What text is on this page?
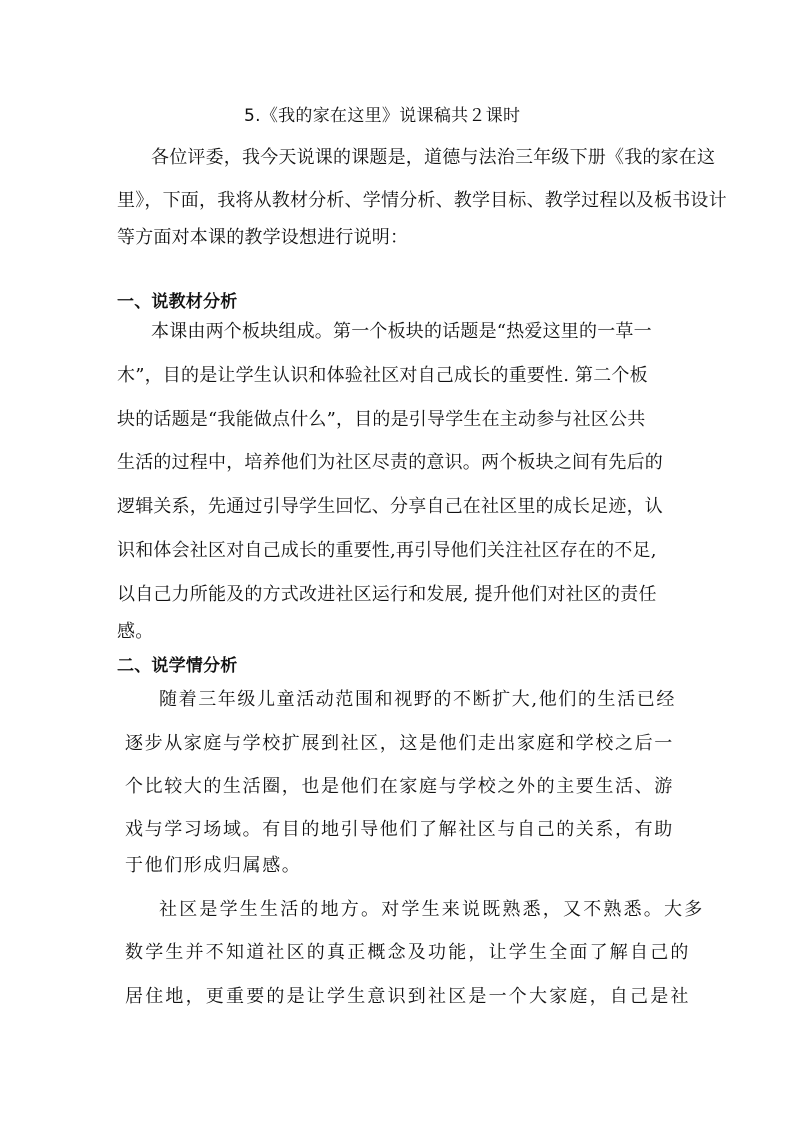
5.《我的家在这里》说课稿共２课时
各位评委，我今天说课的课题是，道德与法治三年级下册《我的家在这
里》，下面，我将从教材分析、学情分析、教学目标、教学过程以及板书设计
等方面对本课的教学设想进行说明：
一、说教材分析
本课由两个板块组成。第一个板块的话题是“热爱这里的一草一
木”，目的是让学生认识和体验社区对自己成长的重要性. 第二个板
块的话题是“我能做点什么”，目的是引导学生在主动参与社区公共
生活的过程中，培养他们为社区尽责的意识。两个板块之间有先后的
逻辑关系，先通过引导学生回忆、分享自己在社区里的成长足迹，认
识和体会社区对自己成长的重要性,再引导他们关注社区存在的不足,
以自己力所能及的方式改进社区运行和发展, 提升他们对社区的责任
感。
二、说学情分析
随着三年级儿童活动范围和视野的不断扩大,他们的生活已经
逐步从家庭与学校扩展到社区，这是他们走出家庭和学校之后一
个比较大的生活圈，也是他们在家庭与学校之外的主要生活、游
戏与学习场域。有目的地引导他们了解社区与自己的关系，有助
于他们形成归属感。
社区是学生生活的地方。对学生来说既熟悉，又不熟悉。大多
数学生并不知道社区的真正概念及功能，让学生全面了解自己的
居住地，更重要的是让学生意识到社区是一个大家庭，自己是社
